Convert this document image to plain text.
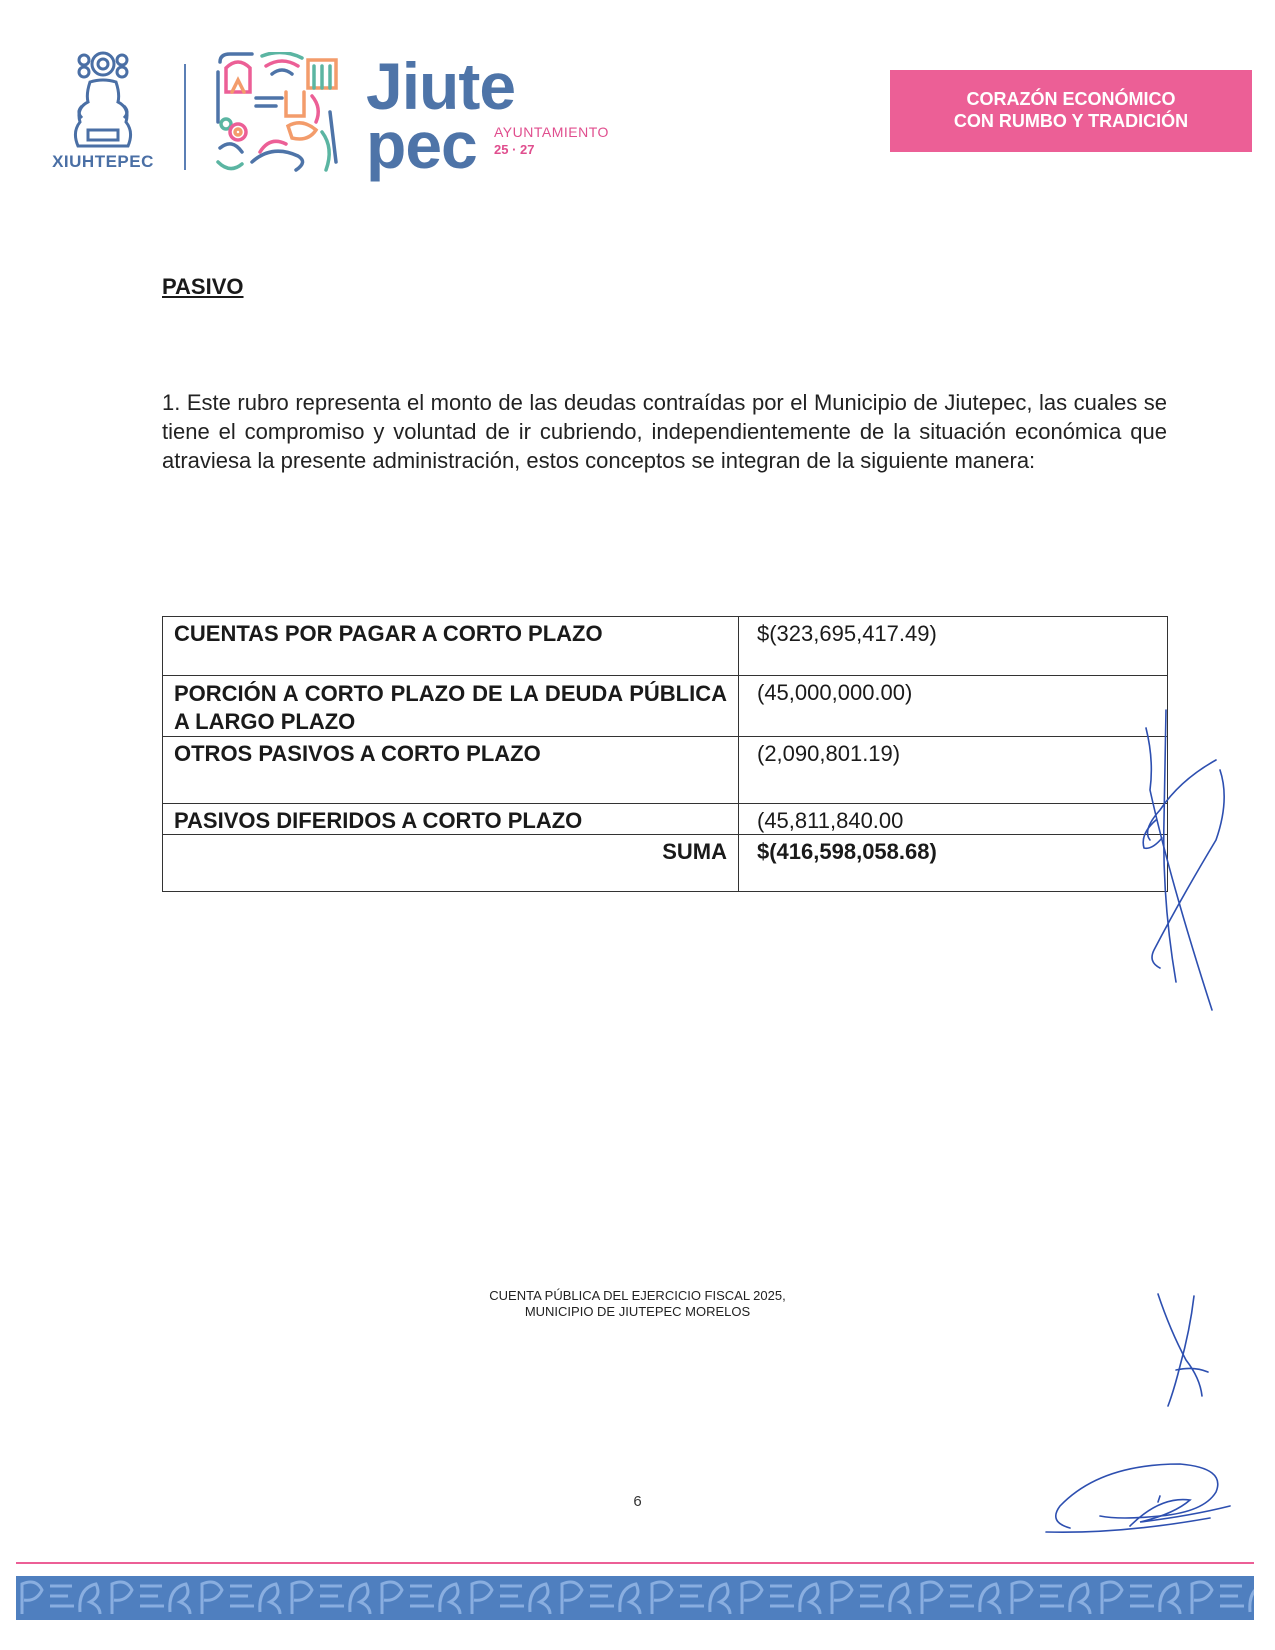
XIUHTEPEC
Jiute
pec	AYUNTAMIENTO
25 · 27
CORAZÓN ECONÓMICO
CON RUMBO Y TRADICIÓN
PASIVO

1. Este rubro representa el monto de las deudas contraídas por el Municipio de Jiutepec, las cuales se tiene el compromiso y voluntad de ir cubriendo, independientemente de la situación económica que atraviesa la presente administración, estos conceptos se integran de la siguiente manera:

CUENTAS POR PAGAR A CORTO PLAZO	$(323,695,417.49)

PORCIÓN A CORTO PLAZO DE LA DEUDA PÚBLICA A LARGO PLAZO	(45,000,000.00)
OTROS PASIVOS A CORTO PLAZO	(2,090,801.19)
PASIVOS DIFERIDOS A CORTO PLAZO	(45,811,840.00
SUMA	$(416,598,058.68)
CUENTA PÚBLICA DEL EJERCICIO FISCAL 2025,
MUNICIPIO DE JIUTEPEC MORELOS
6
